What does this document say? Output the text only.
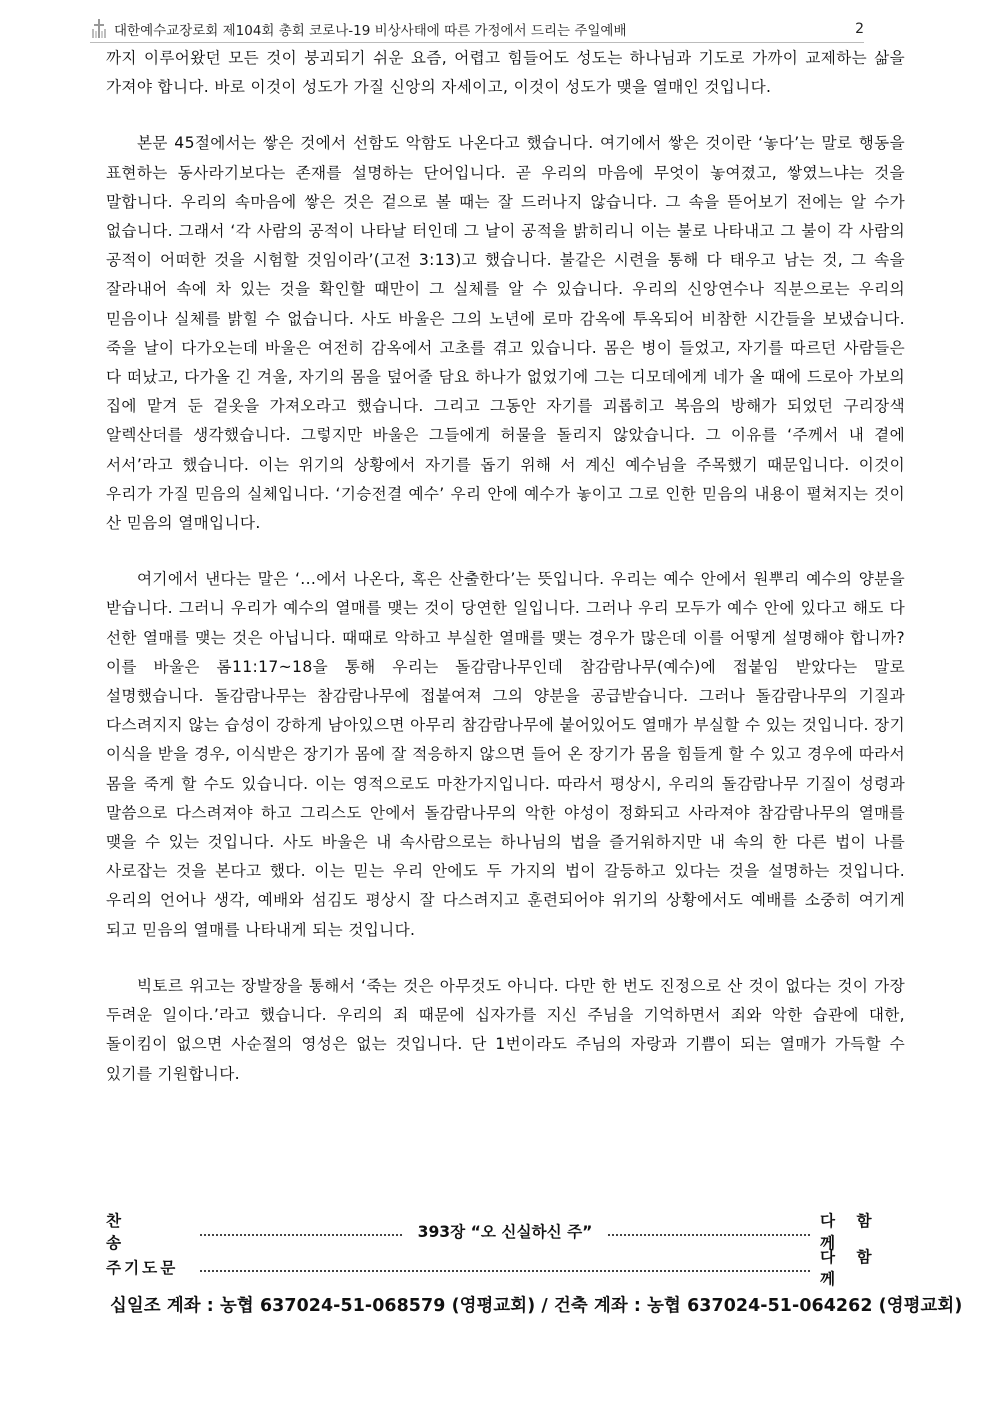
대한예수교장로회 제104회 총회 코로나-19 비상사태에 따른 가정에서 드리는 주일예배	2

까지 이루어왔던 모든 것이 붕괴되기 쉬운 요즘, 어렵고 힘들어도 성도는 하나님과 기도로 가까이 교제하는 삶을 가져야 합니다. 바로 이것이 성도가 가질 신앙의 자세이고, 이것이 성도가 맺을 열매인 것입니다.

본문 45절에서는 쌓은 것에서 선함도 악함도 나온다고 했습니다. 여기에서 쌓은 것이란 ‘놓다’는 말로 행동을 표현하는 동사라기보다는 존재를 설명하는 단어입니다. 곧 우리의 마음에 무엇이 놓여졌고, 쌓였느냐는 것을 말합니다. 우리의 속마음에 쌓은 것은 겉으로 볼 때는 잘 드러나지 않습니다. 그 속을 뜯어보기 전에는 알 수가 없습니다. 그래서 ‘각 사람의 공적이 나타날 터인데 그 날이 공적을 밝히리니 이는 불로 나타내고 그 불이 각 사람의 공적이 어떠한 것을 시험할 것임이라’(고전 3:13)고 했습니다. 불같은 시련을 통해 다 태우고 남는 것, 그 속을 잘라내어 속에 차 있는 것을 확인할 때만이 그 실체를 알 수 있습니다. 우리의 신앙연수나 직분으로는 우리의 믿음이나 실체를 밝힐 수 없습니다. 사도 바울은 그의 노년에 로마 감옥에 투옥되어 비참한 시간들을 보냈습니다. 죽을 날이 다가오는데 바울은 여전히 감옥에서 고초를 겪고 있습니다. 몸은 병이 들었고, 자기를 따르던 사람들은 다 떠났고, 다가올 긴 겨울, 자기의 몸을 덮어줄 담요 하나가 없었기에 그는 디모데에게 네가 올 때에 드로아 가보의 집에 맡겨 둔 겉옷을 가져오라고 했습니다. 그리고 그동안 자기를 괴롭히고 복음의 방해가 되었던 구리장색 알렉산더를 생각했습니다. 그렇지만 바울은 그들에게 허물을 돌리지 않았습니다. 그 이유를 ‘주께서 내 곁에 서서’라고 했습니다. 이는 위기의 상황에서 자기를 돕기 위해 서 계신 예수님을 주목했기 때문입니다. 이것이 우리가 가질 믿음의 실체입니다. ‘기승전결 예수’ 우리 안에 예수가 놓이고 그로 인한 믿음의 내용이 펼쳐지는 것이 산 믿음의 열매입니다.

여기에서 낸다는 말은 ‘...에서 나온다, 혹은 산출한다’는 뜻입니다. 우리는 예수 안에서 원뿌리 예수의 양분을 받습니다. 그러니 우리가 예수의 열매를 맺는 것이 당연한 일입니다. 그러나 우리 모두가 예수 안에 있다고 해도 다 선한 열매를 맺는 것은 아닙니다. 때때로 악하고 부실한 열매를 맺는 경우가 많은데 이를 어떻게 설명해야 합니까? 이를 바울은 롬11:17~18을 통해 우리는 돌감람나무인데 참감람나무(예수)에 접붙임 받았다는 말로 설명했습니다. 돌감람나무는 참감람나무에 접붙여져 그의 양분을 공급받습니다. 그러나 돌감람나무의 기질과 다스려지지 않는 습성이 강하게 남아있으면 아무리 참감람나무에 붙어있어도 열매가 부실할 수 있는 것입니다. 장기 이식을 받을 경우, 이식받은 장기가 몸에 잘 적응하지 않으면 들어 온 장기가 몸을 힘들게 할 수 있고 경우에 따라서 몸을 죽게 할 수도 있습니다. 이는 영적으로도 마찬가지입니다. 따라서 평상시, 우리의 돌감람나무 기질이 성령과 말씀으로 다스려져야 하고 그리스도 안에서 돌감람나무의 악한 야성이 정화되고 사라져야 참감람나무의 열매를 맺을 수 있는 것입니다. 사도 바울은 내 속사람으로는 하나님의 법을 즐거워하지만 내 속의 한 다른 법이 나를 사로잡는 것을 본다고 했다. 이는 믿는 우리 안에도 두 가지의 법이 갈등하고 있다는 것을 설명하는 것입니다. 우리의 언어나 생각, 예배와 섬김도 평상시 잘 다스려지고 훈련되어야 위기의 상황에서도 예배를 소중히 여기게 되고 믿음의 열매를 나타내게 되는 것입니다.

빅토르 위고는 장발장을 통해서 ‘죽는 것은 아무것도 아니다. 다만 한 번도 진정으로 산 것이 없다는 것이 가장 두려운 일이다.’라고 했습니다. 우리의 죄 때문에 십자가를 지신 주님을 기억하면서 죄와 악한 습관에 대한, 돌이킴이 없으면 사순절의 영성은 없는 것입니다. 단 1번이라도 주님의 자랑과 기쁨이 되는 열매가 가득할 수 있기를 기원합니다.

찬 송
393장 “오 신실하신 주”
다 함 께
주기도문
다 함 께
십일조 계좌 : 농협 637024-51-068579 (영평교회) / 건축 계좌 : 농협 637024-51-064262 (영평교회)
